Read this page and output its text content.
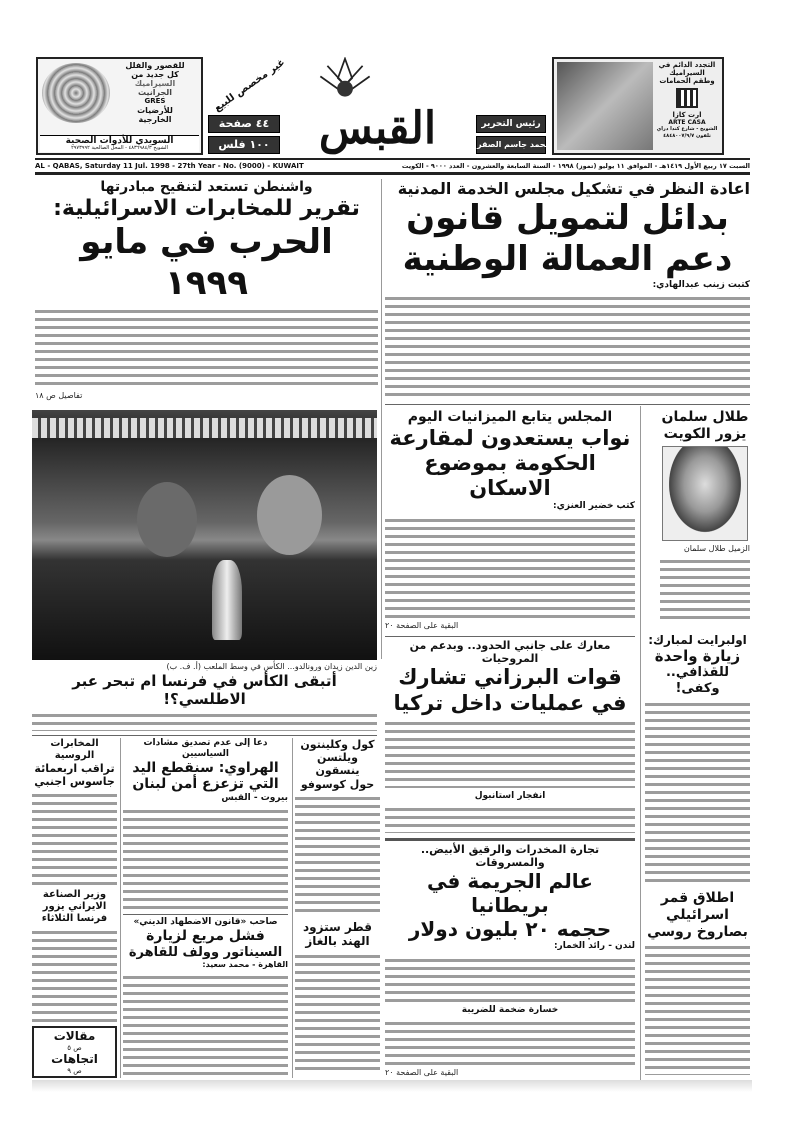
للقصور والفلل
كل جديد من
السيراميك
الجرانيت
GRES
للأرضيات
الخارجية
السويدي للأدوات الصحية
الشويخ ٤٨٣٦٩٨٤/٣ - المحل الصالحية ٢٩٧٣٩٩٢
غير مخصص للبيع
٤٤ صفحة
١٠٠ فلس	القبس	رئيس التحرير
محمد جاسم الصقر
التجدد الدائم في
السيراميك
وطقم الحمامات
ارت كازا
ARTE CASA
الشويخ - شارع كندا دراي
تلفون ٤٨٤٨٠٠٧/٩/٧
AL - QABAS, Saturday 11 Jul. 1998 - 27th Year - No. (9000) - KUWAIT	السبت ١٧ ربيع الأول ١٤١٩هـ - الموافق ١١ يوليو (تموز) ١٩٩٨ - السنة السابعة والعشرون - العدد ٩٠٠٠ - الكويت
اعادة النظر في تشكيل مجلس الخدمة المدنية
بدائل لتمويل قانون
دعم العمالة الوطنية
كتبت زينب عبدالهادي:
واشنطن تستعد لتنقيح مبادرتها
تقرير للمخابرات الاسرائيلية:
الحرب في مايو ١٩٩٩
تفاصيل ص ١٨
طلال سلمان
يزور الكويت
الزميل طلال سلمان
المجلس يتابع الميزانيات اليوم
نواب يستعدون لمقارعة
الحكومة بموضوع الاسكان
كتب خضير العنزي:
البقية على الصفحة ٢٠
اولبرايت لمبارك:
زيارة واحدة
للقذافي.. وكفى!
زين الدين زيدان ورونالدو... الكأس في وسط الملعب (أ. ف. ب)
أتبقى الكأس في فرنسا ام تبحر عبر الاطلسي؟!
معارك على جانبي الحدود.. وبدعم من المروحيات
قوات البرزاني تشارك
في عمليات داخل تركيا
انفجار استانبول
تجارة المخدرات والرقيق الأبيض.. والمسروقات
عالم الجريمة في بريطانيا
حجمه ٢٠ بليون دولار
لندن - رائد الخمار:
خسارة ضخمة للضريبة
البقية على الصفحة ٢٠
اطلاق قمر
اسرائيلي
بصاروخ روسي
المخابرات الروسية
تراقب اربعمائة
جاسوس اجنبي
وزير الصناعة
الايراني يزور
فرنسا الثلاثاء
مقالات
ص ٥
اتجاهات
ص ٩
دعا إلى عدم تصديق مشادات السياسيين
الهراوي: سنقطع اليد
التي تزعزع أمن لبنان
بيروت - القبس
صاحب «قانون الاضطهاد الديني»
فشل مريع لزيارة
السيناتور وولف للقاهرة
القاهرة - محمد سعيد:
كول وكلينتون
ويلتسن ينسقون
حول كوسوفو
قطر ستزود
الهند بالغاز
